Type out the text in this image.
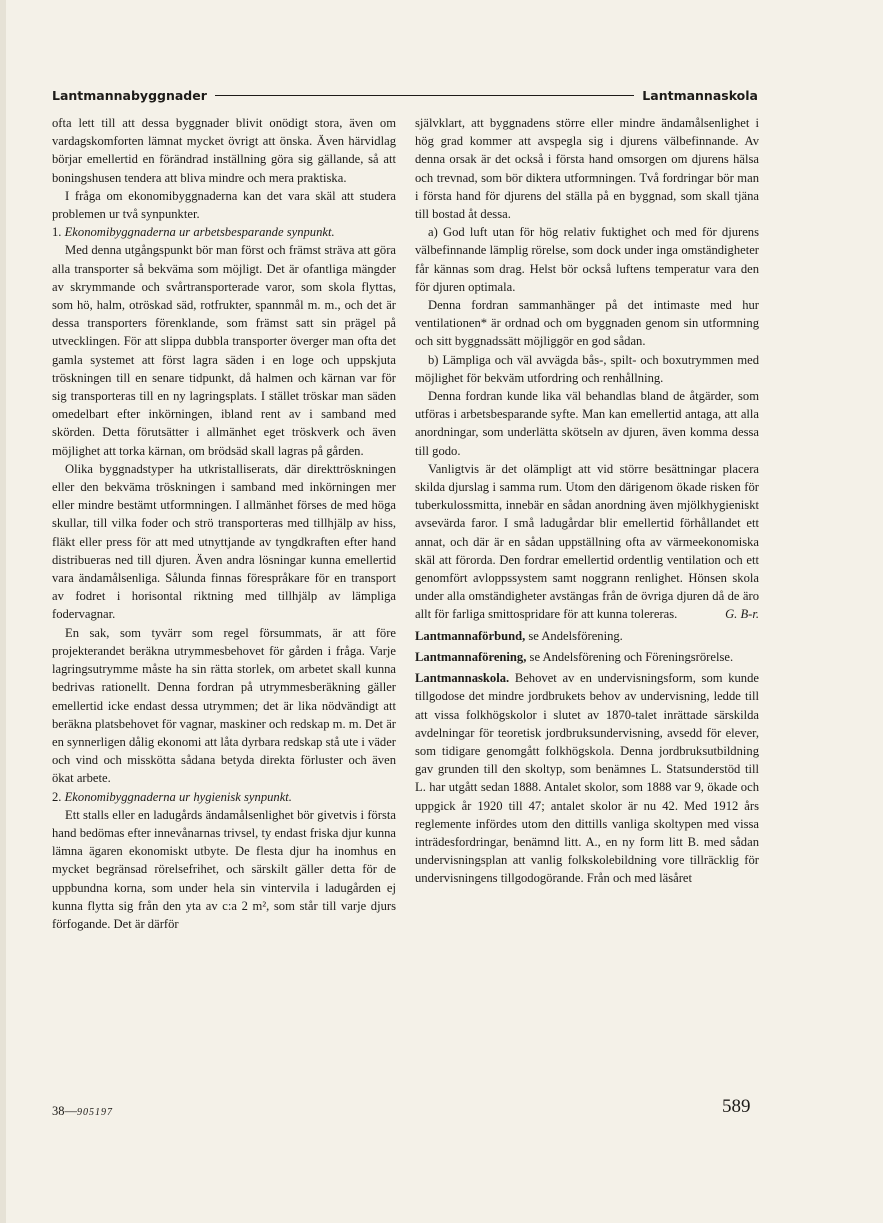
Lantmannabyggnader	Lantmannaskola

ofta lett till att dessa byggnader blivit onödigt stora, även om vardagskomforten lämnat mycket övrigt att önska. Även härvidlag börjar emellertid en förändrad inställning göra sig gällande, så att boningshusen tendera att bliva mindre och mera praktiska.

I fråga om ekonomibyggnaderna kan det vara skäl att studera problemen ur två synpunkter.

1. Ekonomibyggnaderna ur arbetsbesparande synpunkt.

Med denna utgångspunkt bör man först och främst sträva att göra alla transporter så bekväma som möjligt. Det är ofantliga mängder av skrymmande och svårtransporterade varor, som skola flyttas, som hö, halm, otröskad säd, rotfrukter, spannmål m. m., och det är dessa transporters förenklande, som främst satt sin prägel på utvecklingen. För att slippa dubbla transporter överger man ofta det gamla systemet att först lagra säden i en loge och uppskjuta tröskningen till en senare tidpunkt, då halmen och kärnan var för sig transporteras till en ny lagringsplats. I stället tröskar man säden omedelbart efter inkörningen, ibland rent av i samband med skörden. Detta förutsätter i allmänhet eget tröskverk och även möjlighet att torka kärnan, om brödsäd skall lagras på gården.

Olika byggnadstyper ha utkristalliserats, där direkttröskningen eller den bekväma tröskningen i samband med inkörningen mer eller mindre bestämt utformningen. I allmänhet förses de med höga skullar, till vilka foder och strö transporteras med tillhjälp av hiss, fläkt eller press för att med utnyttjande av tyngdkraften efter hand distribueras ned till djuren. Även andra lösningar kunna emellertid vara ändamålsenliga. Sålunda finnas förespråkare för en transport av fodret i horisontal riktning med tillhjälp av lämpliga fodervagnar.

En sak, som tyvärr som regel försummats, är att före projekterandet beräkna utrymmesbehovet för gården i fråga. Varje lagringsutrymme måste ha sin rätta storlek, om arbetet skall kunna bedrivas rationellt. Denna fordran på utrymmesberäkning gäller emellertid icke endast dessa utrymmen; det är lika nödvändigt att beräkna platsbehovet för vagnar, maskiner och redskap m. m. Det är en synnerligen dålig ekonomi att låta dyrbara redskap stå ute i väder och vind och misskötta sådana betyda direkta förluster och även ökat arbete.

2. Ekonomibyggnaderna ur hygienisk synpunkt.

Ett stalls eller en ladugårds ändamålsenlighet bör givetvis i första hand bedömas efter innevånarnas trivsel, ty endast friska djur kunna lämna ägaren ekonomiskt utbyte. De flesta djur ha inomhus en mycket begränsad rörelsefrihet, och särskilt gäller detta för de uppbundna korna, som under hela sin vintervila i ladugården ej kunna flytta sig från den yta av c:a 2 m², som står till varje djurs förfogande. Det är därför

självklart, att byggnadens större eller mindre ändamålsenlighet i hög grad kommer att avspegla sig i djurens välbefinnande. Av denna orsak är det också i första hand omsorgen om djurens hälsa och trevnad, som bör diktera utformningen. Två fordringar bör man i första hand för djurens del ställa på en byggnad, som skall tjäna till bostad åt dessa.

a) God luft utan för hög relativ fuktighet och med för djurens välbefinnande lämplig rörelse, som dock under inga omständigheter får kännas som drag. Helst bör också luftens temperatur vara den för djuren optimala.

Denna fordran sammanhänger på det intimaste med hur ventilationen* är ordnad och om byggnaden genom sin utformning och sitt byggnadssätt möjliggör en god sådan.

b) Lämpliga och väl avvägda bås-, spilt- och boxutrymmen med möjlighet för bekväm utfordring och renhållning.

Denna fordran kunde lika väl behandlas bland de åtgärder, som utföras i arbetsbesparande syfte. Man kan emellertid antaga, att alla anordningar, som underlätta skötseln av djuren, även komma dessa till godo.

Vanligtvis är det olämpligt att vid större besättningar placera skilda djurslag i samma rum. Utom den därigenom ökade risken för tuberkulossmitta, innebär en sådan anordning även mjölkhygieniskt avsevärda faror. I små ladugårdar blir emellertid förhållandet ett annat, och där är en sådan uppställning ofta av värmeekonomiska skäl att förorda. Den fordrar emellertid ordentlig ventilation och ett genomfört avloppssystem samt noggrann renlighet. Hönsen skola under alla omständigheter avstängas från de övriga djuren då de äro allt för farliga smittospridare för att kunna tolereras.	G. B-r.

Lantmannaförbund, se Andelsförening.

Lantmannaförening, se Andelsförening och Föreningsrörelse.

Lantmannaskola. Behovet av en undervisningsform, som kunde tillgodose det mindre jordbrukets behov av undervisning, ledde till att vissa folkhögskolor i slutet av 1870-talet inrättade särskilda avdelningar för teoretisk jordbruksundervisning, avsedd för elever, som tidigare genomgått folkhögskola. Denna jordbruksutbildning gav grunden till den skoltyp, som benämnes L. Statsunderstöd till L. har utgått sedan 1888. Antalet skolor, som 1888 var 9, ökade och uppgick år 1920 till 47; antalet skolor är nu 42. Med 1912 års reglemente infördes utom den dittills vanliga skoltypen med vissa inträdesfordringar, benämnd litt. A., en ny form litt B. med sådan undervisningsplan att vanlig folkskolebildning vore tillräcklig för undervisningens tillgodogörande. Från och med läsåret

38—905197	589
